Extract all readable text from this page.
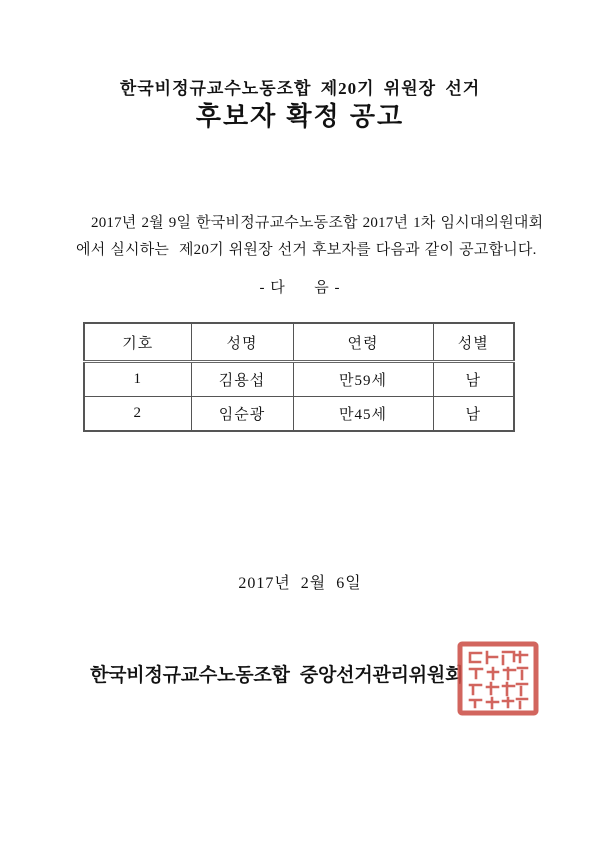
한국비정규교수노동조합 제20기 위원장 선거
후보자 확정 공고
2017년 2월 9일 한국비정규교수노동조합 2017년 1차 임시대의원대회
에서 실시하는  제20기 위원장 선거 후보자를 다음과 같이 공고합니다.
- 다      음 -
기호	성명	연령	성별
1	김용섭	만59세	남
2	임순광	만45세	남
2017년 2월 6일
한국비정규교수노동조합  중앙선거관리위원회
